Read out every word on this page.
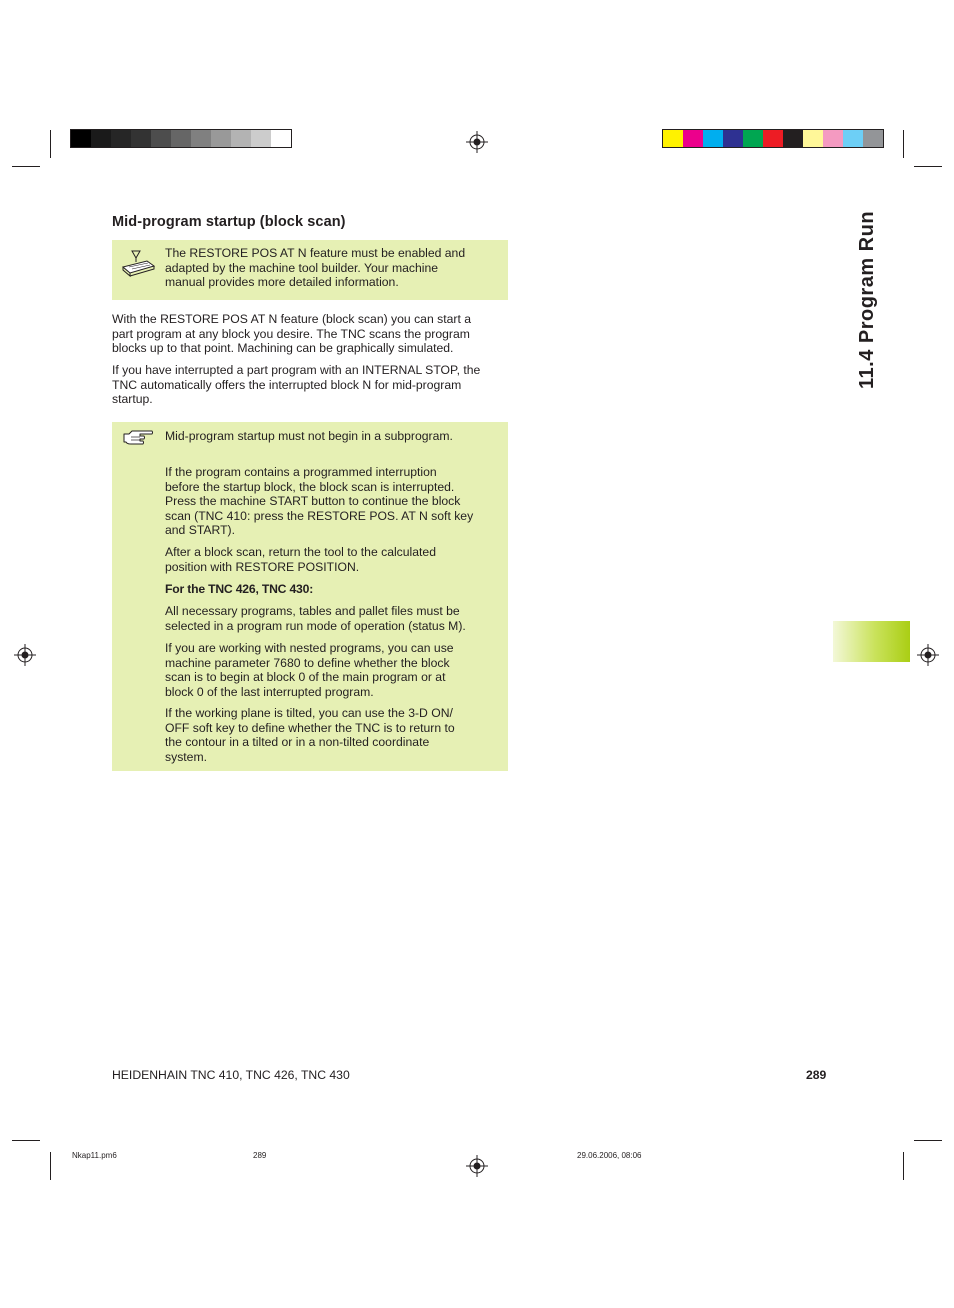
11.4 Program Run
Mid-program startup (block scan)
The RESTORE POS AT N feature must be enabled and
adapted by the machine tool builder. Your machine
manual provides more detailed information.
With the RESTORE POS AT N feature (block scan) you can start a
part program at any block you desire. The TNC scans the program
blocks up to that point. Machining can be graphically simulated.
If you have interrupted a part program with an INTERNAL STOP, the
TNC automatically offers the interrupted block N for mid-program
startup.
Mid-program startup must not begin in a subprogram.
If the program contains a programmed interruption
before the startup block, the block scan is interrupted.
Press the machine START button to continue the block
scan (TNC 410: press the RESTORE POS. AT N soft key
and START).
After a block scan, return the tool to the calculated
position with RESTORE POSITION.
For the TNC 426, TNC 430:
All necessary programs, tables and pallet files must be
selected in a program run mode of operation (status M).
If you are working with nested programs, you can use
machine parameter 7680 to define whether the block
scan is to begin at block 0 of the main program or at
block 0 of the last interrupted program.
If the working plane is tilted, you can use the 3-D ON/
OFF soft key to define whether the TNC is to return to
the contour in a tilted or in a non-tilted coordinate
system.
HEIDENHAIN TNC 410, TNC 426, TNC 430	289
Nkap11.pm6	289	29.06.2006, 08:06
